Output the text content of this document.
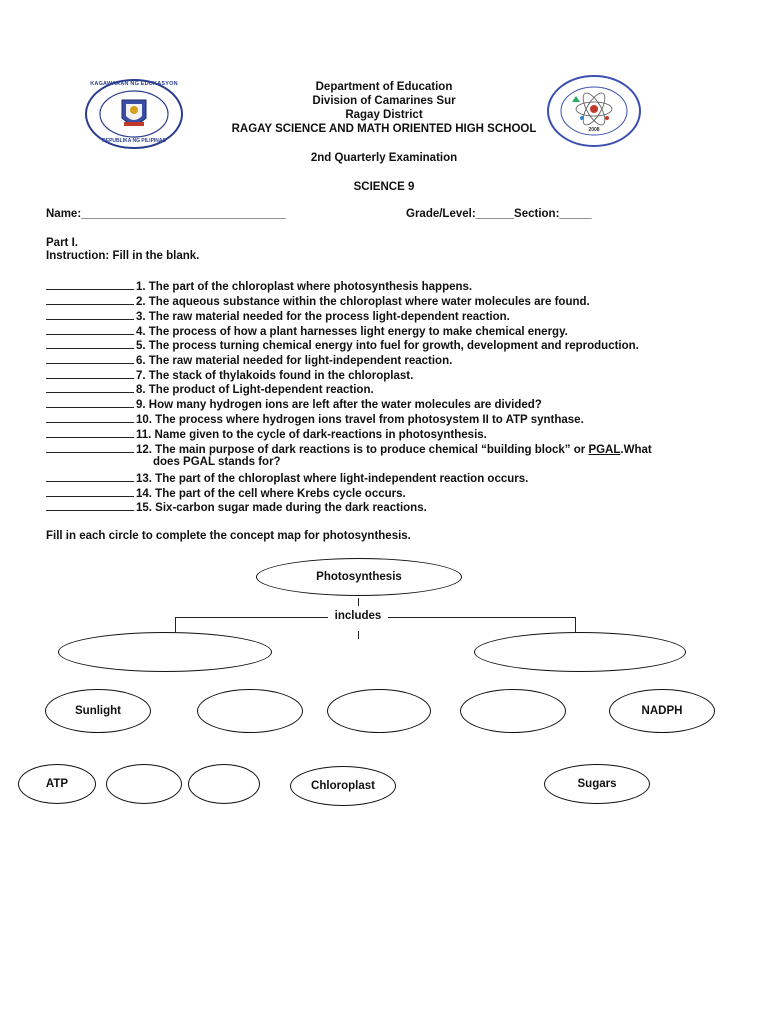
KAGAWARAN NG EDUKASYON
REPUBLIKA NG PILIPINAS
2008
Department of Education
Division of Camarines Sur
Ragay District
RAGAY SCIENCE AND MATH ORIENTED HIGH SCHOOL
2nd Quarterly Examination
SCIENCE 9
Name:________________________________	Grade/Level:______Section:_____
Part I.
Instruction: Fill in the blank.
1. The part of the chloroplast where photosynthesis happens.
2. The aqueous substance within the chloroplast where water molecules are found.
3. The raw material needed for the process light-dependent reaction.
4. The process of how a plant harnesses light energy to make chemical energy.
5. The process turning chemical energy into fuel for growth, development and reproduction.
6. The raw material needed for light-independent reaction.
7. The stack of thylakoids found in the chloroplast.
8. The product of Light-dependent reaction.
9. How many hydrogen ions are left after the water molecules are divided?
10. The process where hydrogen ions travel from photosystem II to ATP synthase.
11. Name given to the cycle of dark-reactions in photosynthesis.
12. The main purpose of dark reactions is to produce chemical “building block” or PGAL.What
does PGAL stands for?
13. The part of the chloroplast where light-independent reaction occurs.
14. The part of the cell where Krebs cycle occurs.
15. Six-carbon sugar made during the dark reactions.
Fill in each circle to complete the concept map for photosynthesis.
Photosynthesis
includes
Sunlight	NADPH
ATP	Chloroplast	Sugars
